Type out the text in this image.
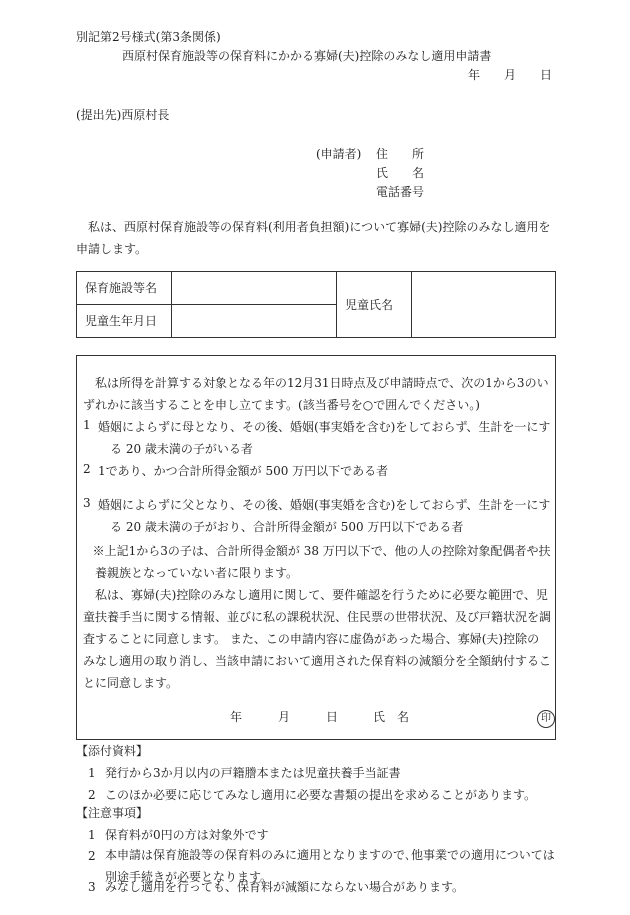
別記第2号様式(第3条関係)
西原村保育施設等の保育料にかかる寡婦(夫)控除のみなし適用申請書
年　　月　　日
(提出先)西原村長
(申請者) 住　　所
氏　　名
電話番号
私は、西原村保育施設等の保育料(利用者負担額)について寡婦(夫)控除のみなし適用を申請します。
保育施設等名		児童氏名	
児童生年月日			
私は所得を計算する対象となる年の12月31日時点及び申請時点で、次の1から3のいずれかに該当することを申し立てます。(該当番号を○で囲んでください。)
1 婚姻によらずに母となり、その後、婚姻(事実婚を含む)をしておらず、生計を一にする 20 歳未満の子がいる者
2 1であり、かつ合計所得金額が 500 万円以下である者
3 婚姻によらずに父となり、その後、婚姻(事実婚を含む)をしておらず、生計を一にする 20 歳未満の子がおり、合計所得金額が 500 万円以下である者
※上記1から3の子は、合計所得金額が 38 万円以下で、他の人の控除対象配偶者や扶養親族となっていない者に限ります。
私は、寡婦(夫)控除のみなし適用に関して、要件確認を行うために必要な範囲で、児童扶養手当に関する情報、並びに私の課税状況、住民票の世帯状況、及び戸籍状況を調査することに同意します。 また、この申請内容に虚偽があった場合、寡婦(夫)控除のみなし適用の取り消し、当該申請において適用された保育料の減額分を全額納付することに同意します。
年　　　月　　　日	氏　名	印
【添付資料】
1 発行から3か月以内の戸籍謄本または児童扶養手当証書
2 このほか必要に応じてみなし適用に必要な書類の提出を求めることがあります。
【注意事項】
1 保育料が0円の方は対象外です
2 本申請は保育施設等の保育料のみに適用となりますので､他事業での適用については別途手続きが必要となります。
3 みなし適用を行っても、保育料が減額にならない場合があります。
